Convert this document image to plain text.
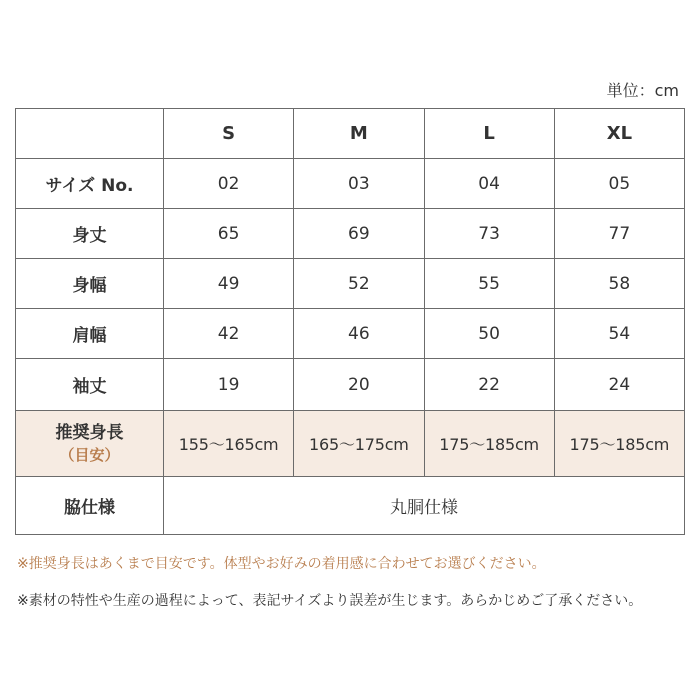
単位：cm
	S	M	L	XL
サイズ No.	02	03	04	05
身丈	65	69	73	77
身幅	49	52	55	58
肩幅	42	46	50	54
袖丈	19	20	22	24
推奨身長
（目安）	155〜165cm	165〜175cm	175〜185cm	175〜185cm
脇仕様	丸胴仕様			
※推奨身長はあくまで目安です。体型やお好みの着用感に合わせてお選びください。
※素材の特性や生産の過程によって、表記サイズより誤差が生じます。あらかじめご了承ください。
